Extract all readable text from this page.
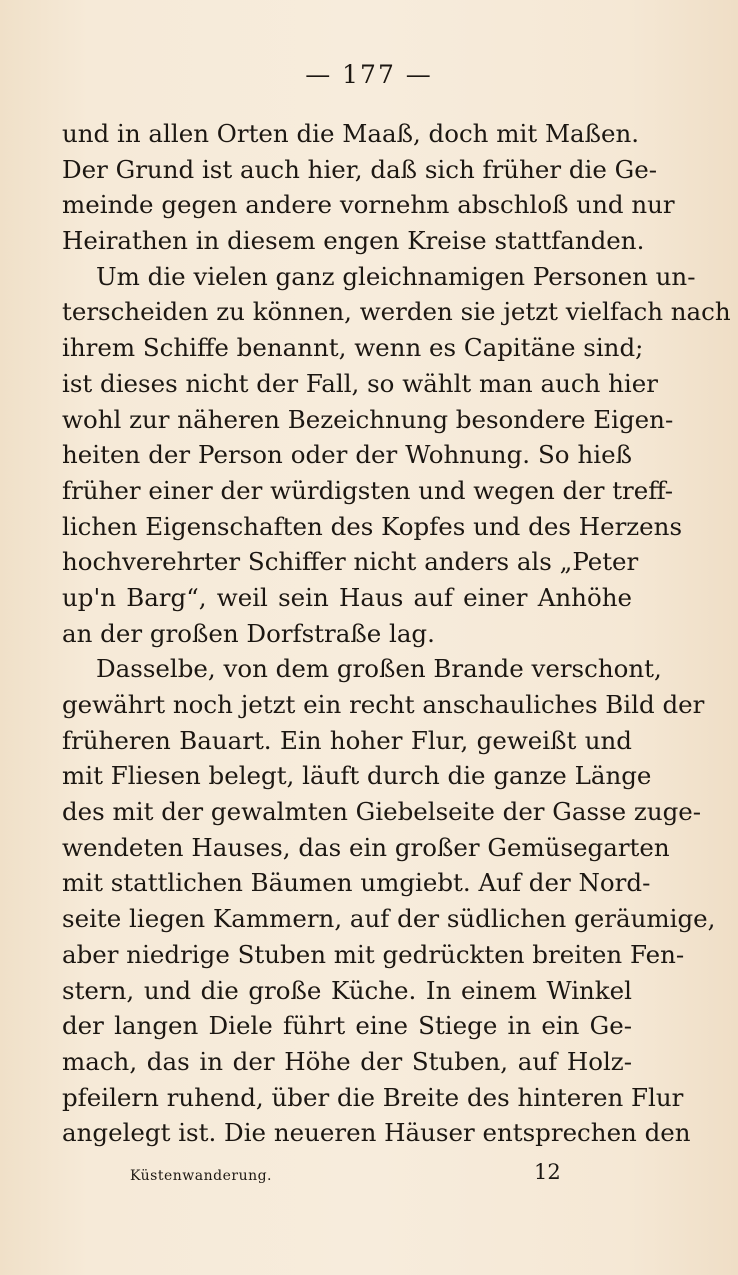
— 177 —
und in allen Orten die Maaß, doch mit Maßen.
Der Grund ist auch hier, daß sich früher die Ge-
meinde gegen andere vornehm abschloß und nur
Heirathen in diesem engen Kreise stattfanden.
Um die vielen ganz gleichnamigen Personen un-
terscheiden zu können, werden sie jetzt vielfach nach
ihrem Schiffe benannt, wenn es Capitäne sind;
ist dieses nicht der Fall, so wählt man auch hier
wohl zur näheren Bezeichnung besondere Eigen-
heiten der Person oder der Wohnung. So hieß
früher einer der würdigsten und wegen der treff-
lichen Eigenschaften des Kopfes und des Herzens
hochverehrter Schiffer nicht anders als „Peter
up'n Barg“, weil sein Haus auf einer Anhöhe
an der großen Dorfstraße lag.
Dasselbe, von dem großen Brande verschont,
gewährt noch jetzt ein recht anschauliches Bild der
früheren Bauart. Ein hoher Flur, geweißt und
mit Fliesen belegt, läuft durch die ganze Länge
des mit der gewalmten Giebelseite der Gasse zuge-
wendeten Hauses, das ein großer Gemüsegarten
mit stattlichen Bäumen umgiebt. Auf der Nord-
seite liegen Kammern, auf der südlichen geräumige,
aber niedrige Stuben mit gedrückten breiten Fen-
stern, und die große Küche. In einem Winkel
der langen Diele führt eine Stiege in ein Ge-
mach, das in der Höhe der Stuben, auf Holz-
pfeilern ruhend, über die Breite des hinteren Flur
angelegt ist. Die neueren Häuser entsprechen den
Küstenwanderung.	12
